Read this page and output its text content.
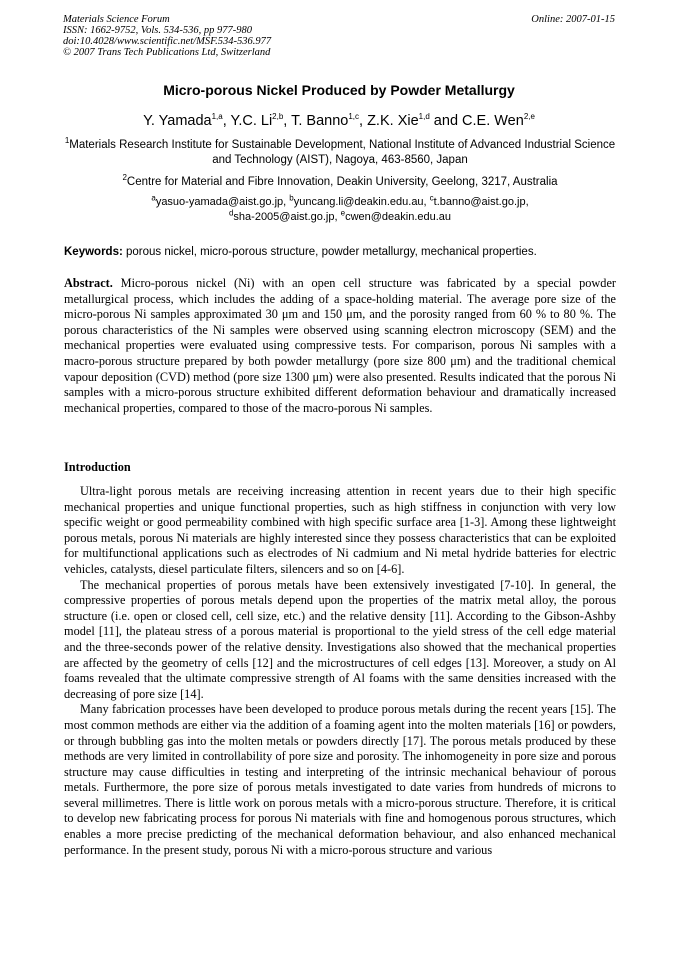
Materials Science Forum
ISSN: 1662-9752, Vols. 534-536, pp 977-980
doi:10.4028/www.scientific.net/MSF.534-536.977
© 2007 Trans Tech Publications Ltd, Switzerland
Online: 2007-01-15
Micro-porous Nickel Produced by Powder Metallurgy
Y. Yamada$^{1,a}$, Y.C. Li$^{2,b}$, T. Banno$^{1,c}$, Z.K. Xie$^{1,d}$ and C.E. Wen$^{2,e}$
$^1$Materials Research Institute for Sustainable Development, National Institute of Advanced Industrial Science and Technology (AIST), Nagoya, 463-8560, Japan
$^2$Centre for Material and Fibre Innovation, Deakin University, Geelong, 3217, Australia
$^a$yasuo-yamada@aist.go.jp, $^b$yuncang.li@deakin.edu.au, $^c$t.banno@aist.go.jp,
$^d$sha-2005@aist.go.jp, $^e$cwen@deakin.edu.au
Keywords: porous nickel, micro-porous structure, powder metallurgy, mechanical properties.
Abstract. Micro-porous nickel (Ni) with an open cell structure was fabricated by a special powder metallurgical process, which includes the adding of a space-holding material. The average pore size of the micro-porous Ni samples approximated 30 μm and 150 μm, and the porosity ranged from 60 % to 80 %. The porous characteristics of the Ni samples were observed using scanning electron microscopy (SEM) and the mechanical properties were evaluated using compressive tests. For comparison, porous Ni samples with a macro-porous structure prepared by both powder metallurgy (pore size 800 μm) and the traditional chemical vapour deposition (CVD) method (pore size 1300 μm) were also presented. Results indicated that the porous Ni samples with a micro-porous structure exhibited different deformation behaviour and dramatically increased mechanical properties, compared to those of the macro-porous Ni samples.
Introduction

Ultra-light porous metals are receiving increasing attention in recent years due to their high specific mechanical properties and unique functional properties, such as high stiffness in conjunction with very low specific weight or good permeability combined with high specific surface area [1-3]. Among these lightweight porous metals, porous Ni materials are highly interested since they possess characteristics that can be exploited for multifunctional applications such as electrodes of Ni cadmium and Ni metal hydride batteries for electric vehicles, catalysts, diesel particulate filters, silencers and so on [4-6].

The mechanical properties of porous metals have been extensively investigated [7-10]. In general, the compressive properties of porous metals depend upon the properties of the matrix metal alloy, the porous structure (i.e. open or closed cell, cell size, etc.) and the relative density [11]. According to the Gibson-Ashby model [11], the plateau stress of a porous material is proportional to the yield stress of the cell edge material and the three-seconds power of the relative density. Investigations also showed that the mechanical properties are affected by the geometry of cells [12] and the microstructures of cell edges [13]. Moreover, a study on Al foams revealed that the ultimate compressive strength of Al foams with the same densities increased with the decreasing of pore size [14].

Many fabrication processes have been developed to produce porous metals during the recent years [15]. The most common methods are either via the addition of a foaming agent into the molten materials [16] or powders, or through bubbling gas into the molten metals or powders directly [17]. The porous metals produced by these methods are very limited in controllability of pore size and porosity. The inhomogeneity in pore size and porous structure may cause difficulties in testing and interpreting of the intrinsic mechanical behaviour of porous metals. Furthermore, the pore size of porous metals investigated to date varies from hundreds of microns to several millimetres. There is little work on porous metals with a micro-porous structure. Therefore, it is critical to develop new fabricating process for porous Ni materials with fine and homogenous porous structures, which enables a more precise predicting of the mechanical deformation behaviour, and also enhanced mechanical performance. In the present study, porous Ni with a micro-porous structure and various
